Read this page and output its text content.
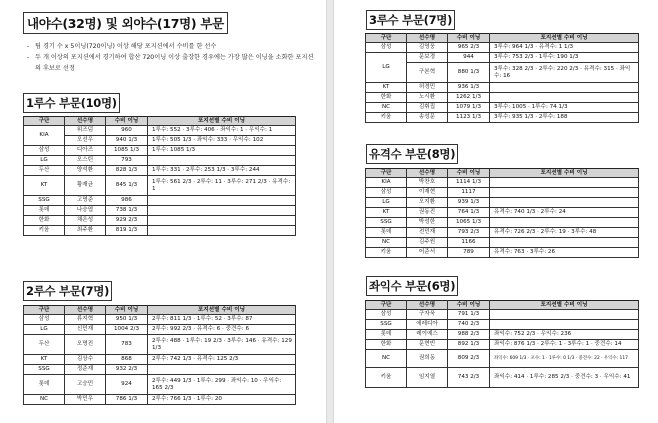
내야수(32명) 및 외야수(17명) 부문
- 팀 경기 수 x 5이닝(720이닝) 이상 해당 포지션에서 수비를 한 선수
- 두 개 이상의 포지션에서 경기하여 합산 720이닝 이상 출장한 경우에는 가장 많은 이닝을 소화한 포지션의 후보로 선정
1루수 부문(10명)
구단	선수명	수비 이닝	포지션별 수비 이닝
KIA	위즈덤	960	1루수: 552 · 3루수: 406 · 좌익수: 1 · 우익수: 1
	오선우	940 1/3	1루수: 505 1/3 · 좌익수: 333 · 우익수: 102
삼성	디아즈	1085 1/3	1루수: 1085 1/3
LG	오스틴	793	
두산	양석환	828 1/3	1루수: 331 · 2루수: 253 1/3 · 3루수: 244
KT	황재균	845 1/3	1루수: 561 2/3 · 2루수: 11 · 3루수: 271 2/3 · 유격수: 1
SSG	고명준	986	
롯데	나승엽	738 1/3	
한화	채은성	929 2/3	
키움	최주환	819 1/3	
2루수 부문(7명)
구단	선수명	수비 이닝	포지션별 수비 이닝
삼성	류지혁	950 1/3	2루수: 811 1/3 · 1루수: 52 · 3루수: 87
LG	신민재	1004 2/3	2루수: 992 2/3 · 유격수: 6 · 중견수: 6
두산	오명진	783	2루수: 488 · 1루수: 19 2/3 · 3루수: 146 · 유격수: 129 1/3
KT	김상수	868	2루수: 742 1/3 · 유격수: 125 2/3
SSG	정준재	932 2/3	
롯데	고승민	924	2루수: 449 1/3 · 1루수: 299 · 좌익수: 10 · 우익수: 165 2/3
NC	박민우	786 1/3	2루수: 766 1/3 · 1루수: 20
3루수 부문(7명)
구단	선수명	수비 이닝	포지션별 수비 이닝
삼성	김영웅	965 2/3	3루수: 964 1/3 · 유격수: 1 1/3
LG	문보경	944	3루수: 753 2/3 · 1루수: 190 1/3
	구본혁	880 1/3	3루수: 328 2/3 · 2루수: 220 2/3 · 유격수: 315 · 좌익수: 16
KT	허경민	936 1/3	
한화	노시환	1262 1/3	
NC	김휘집	1079 1/3	3루수: 1005 · 1루수: 74 1/3
키움	송성문	1123 1/3	3루수: 935 1/3 · 2루수: 188
유격수 부문(8명)
구단	선수명	수비 이닝	포지션별 수비 이닝
KIA	박찬호	1114 1/3	
삼성	이재현	1117	
LG	오지환	939 1/3	
KT	권동진	764 1/3	유격수: 740 1/3 · 2루수: 24
SSG	박성한	1065 1/3	
롯데	전민재	793 2/3	유격수: 726 2/3 · 2루수: 19 · 3루수: 48
NC	김주원	1166	
키움	어준서	789	유격수: 763 · 3루수: 26
좌익수 부문(6명)
구단	선수명	수비 이닝	포지션별 수비 이닝
삼성	구자욱	791 1/3	
SSG	에레디아	740 2/3	
롯데	레이예스	988 2/3	좌익수: 752 2/3 · 우익수: 236
한화	문현빈	892 1/3	좌익수: 876 1/3 · 2루수: 1 · 3루수: 1 · 중견수: 14
NC	권희동	809 2/3	좌익수: 609 1/3 · 포수: 1 · 1루수: 0 1/3 · 중견수: 22 · 우익수: 117
키움	임지열	743 2/3	좌익수: 414 · 1루수: 285 2/3 · 중견수: 3 · 우익수: 41
